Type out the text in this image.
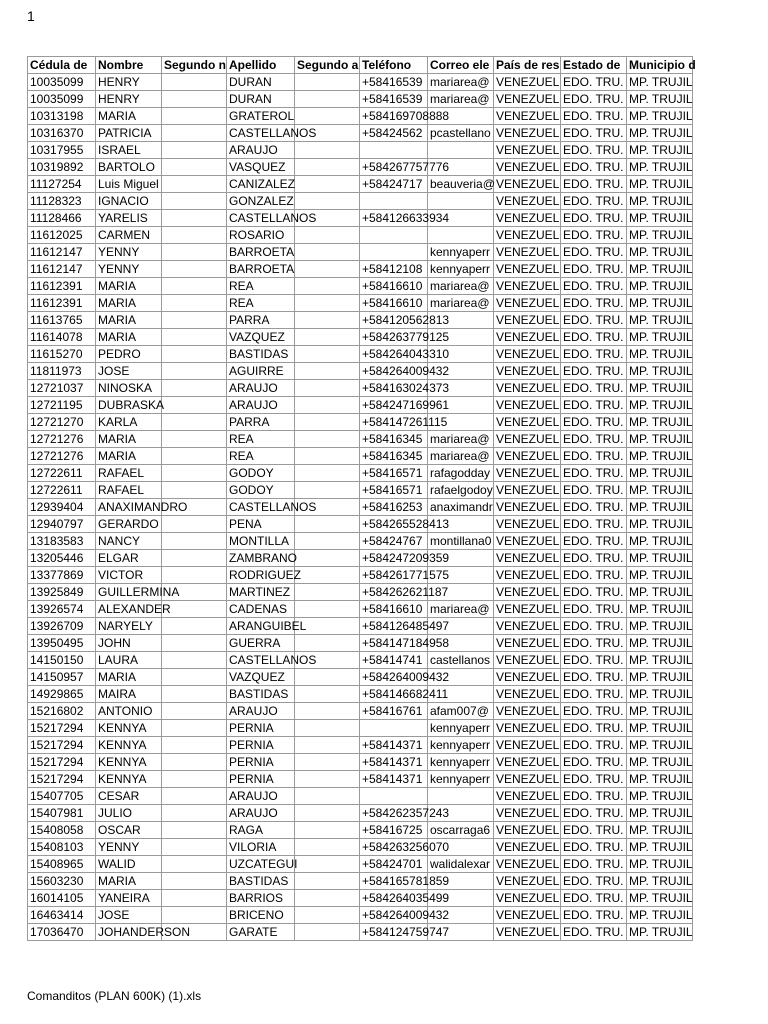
1
Cédula de	Nombre	Segundo n	Apellido	Segundo a	Teléfono	Correo ele	País de res	Estado de	Municipio d
10035099	HENRY		DURAN		+58416539	mariarea@	VENEZUEL	EDO. TRU.	MP. TRUJIL
10035099	HENRY		DURAN		+58416539	mariarea@	VENEZUEL	EDO. TRU.	MP. TRUJIL
10313198	MARIA		GRATEROL		+584169708888		VENEZUEL	EDO. TRU.	MP. TRUJIL
10316370	PATRICIA		CASTELLANOS		+58424562	pcastellano	VENEZUEL	EDO. TRU.	MP. TRUJIL
10317955	ISRAEL		ARAUJO				VENEZUEL	EDO. TRU.	MP. TRUJIL
10319892	BARTOLO		VASQUEZ		+584267757776		VENEZUEL	EDO. TRU.	MP. TRUJIL
11127254	Luis Miguel		CANIZALEZ		+58424717	beauveria@	VENEZUEL	EDO. TRU.	MP. TRUJIL
11128323	IGNACIO		GONZALEZ				VENEZUEL	EDO. TRU.	MP. TRUJIL
11128466	YARELIS		CASTELLANOS		+584126633934		VENEZUEL	EDO. TRU.	MP. TRUJIL
11612025	CARMEN		ROSARIO				VENEZUEL	EDO. TRU.	MP. TRUJIL
11612147	YENNY		BARROETA			kennyaperr	VENEZUEL	EDO. TRU.	MP. TRUJIL
11612147	YENNY		BARROETA		+58412108	kennyaperr	VENEZUEL	EDO. TRU.	MP. TRUJIL
11612391	MARIA		REA		+58416610	mariarea@	VENEZUEL	EDO. TRU.	MP. TRUJIL
11612391	MARIA		REA		+58416610	mariarea@	VENEZUEL	EDO. TRU.	MP. TRUJIL
11613765	MARIA		PARRA		+584120562813		VENEZUEL	EDO. TRU.	MP. TRUJIL
11614078	MARIA		VAZQUEZ		+584263779125		VENEZUEL	EDO. TRU.	MP. TRUJIL
11615270	PEDRO		BASTIDAS		+584264043310		VENEZUEL	EDO. TRU.	MP. TRUJIL
11811973	JOSE		AGUIRRE		+584264009432		VENEZUEL	EDO. TRU.	MP. TRUJIL
12721037	NINOSKA		ARAUJO		+584163024373		VENEZUEL	EDO. TRU.	MP. TRUJIL
12721195	DUBRASKA		ARAUJO		+584247169961		VENEZUEL	EDO. TRU.	MP. TRUJIL
12721270	KARLA		PARRA		+584147261115		VENEZUEL	EDO. TRU.	MP. TRUJIL
12721276	MARIA		REA		+58416345	mariarea@	VENEZUEL	EDO. TRU.	MP. TRUJIL
12721276	MARIA		REA		+58416345	mariarea@	VENEZUEL	EDO. TRU.	MP. TRUJIL
12722611	RAFAEL		GODOY		+58416571	rafagodday	VENEZUEL	EDO. TRU.	MP. TRUJIL
12722611	RAFAEL		GODOY		+58416571	rafaelgodoy	VENEZUEL	EDO. TRU.	MP. TRUJIL
12939404	ANAXIMANDRO		CASTELLANOS		+58416253	anaximandr	VENEZUEL	EDO. TRU.	MP. TRUJIL
12940797	GERARDO		PENA		+584265528413		VENEZUEL	EDO. TRU.	MP. TRUJIL
13183583	NANCY		MONTILLA		+58424767	montillana0	VENEZUEL	EDO. TRU.	MP. TRUJIL
13205446	ELGAR		ZAMBRANO		+584247209359		VENEZUEL	EDO. TRU.	MP. TRUJIL
13377869	VICTOR		RODRIGUEZ		+584261771575		VENEZUEL	EDO. TRU.	MP. TRUJIL
13925849	GUILLERMINA		MARTINEZ		+584262621187		VENEZUEL	EDO. TRU.	MP. TRUJIL
13926574	ALEXANDER		CADENAS		+58416610	mariarea@	VENEZUEL	EDO. TRU.	MP. TRUJIL
13926709	NARYELY		ARANGUIBEL		+584126485497		VENEZUEL	EDO. TRU.	MP. TRUJIL
13950495	JOHN		GUERRA		+584147184958		VENEZUEL	EDO. TRU.	MP. TRUJIL
14150150	LAURA		CASTELLANOS		+58414741	castellanos	VENEZUEL	EDO. TRU.	MP. TRUJIL
14150957	MARIA		VAZQUEZ		+584264009432		VENEZUEL	EDO. TRU.	MP. TRUJIL
14929865	MAIRA		BASTIDAS		+584146682411		VENEZUEL	EDO. TRU.	MP. TRUJIL
15216802	ANTONIO		ARAUJO		+58416761	afam007@	VENEZUEL	EDO. TRU.	MP. TRUJIL
15217294	KENNYA		PERNIA			kennyaperr	VENEZUEL	EDO. TRU.	MP. TRUJIL
15217294	KENNYA		PERNIA		+58414371	kennyaperr	VENEZUEL	EDO. TRU.	MP. TRUJIL
15217294	KENNYA		PERNIA		+58414371	kennyaperr	VENEZUEL	EDO. TRU.	MP. TRUJIL
15217294	KENNYA		PERNIA		+58414371	kennyaperr	VENEZUEL	EDO. TRU.	MP. TRUJIL
15407705	CESAR		ARAUJO				VENEZUEL	EDO. TRU.	MP. TRUJIL
15407981	JULIO		ARAUJO		+584262357243		VENEZUEL	EDO. TRU.	MP. TRUJIL
15408058	OSCAR		RAGA		+58416725	oscarraga6	VENEZUEL	EDO. TRU.	MP. TRUJIL
15408103	YENNY		VILORIA		+584263256070		VENEZUEL	EDO. TRU.	MP. TRUJIL
15408965	WALID		UZCATEGUI		+58424701	walidalexar	VENEZUEL	EDO. TRU.	MP. TRUJIL
15603230	MARIA		BASTIDAS		+584165781859		VENEZUEL	EDO. TRU.	MP. TRUJIL
16014105	YANEIRA		BARRIOS		+584264035499		VENEZUEL	EDO. TRU.	MP. TRUJIL
16463414	JOSE		BRICENO		+584264009432		VENEZUEL	EDO. TRU.	MP. TRUJIL
17036470	JOHANDERSON		GARATE		+584124759747		VENEZUEL	EDO. TRU.	MP. TRUJIL
Comanditos (PLAN 600K) (1).xls
